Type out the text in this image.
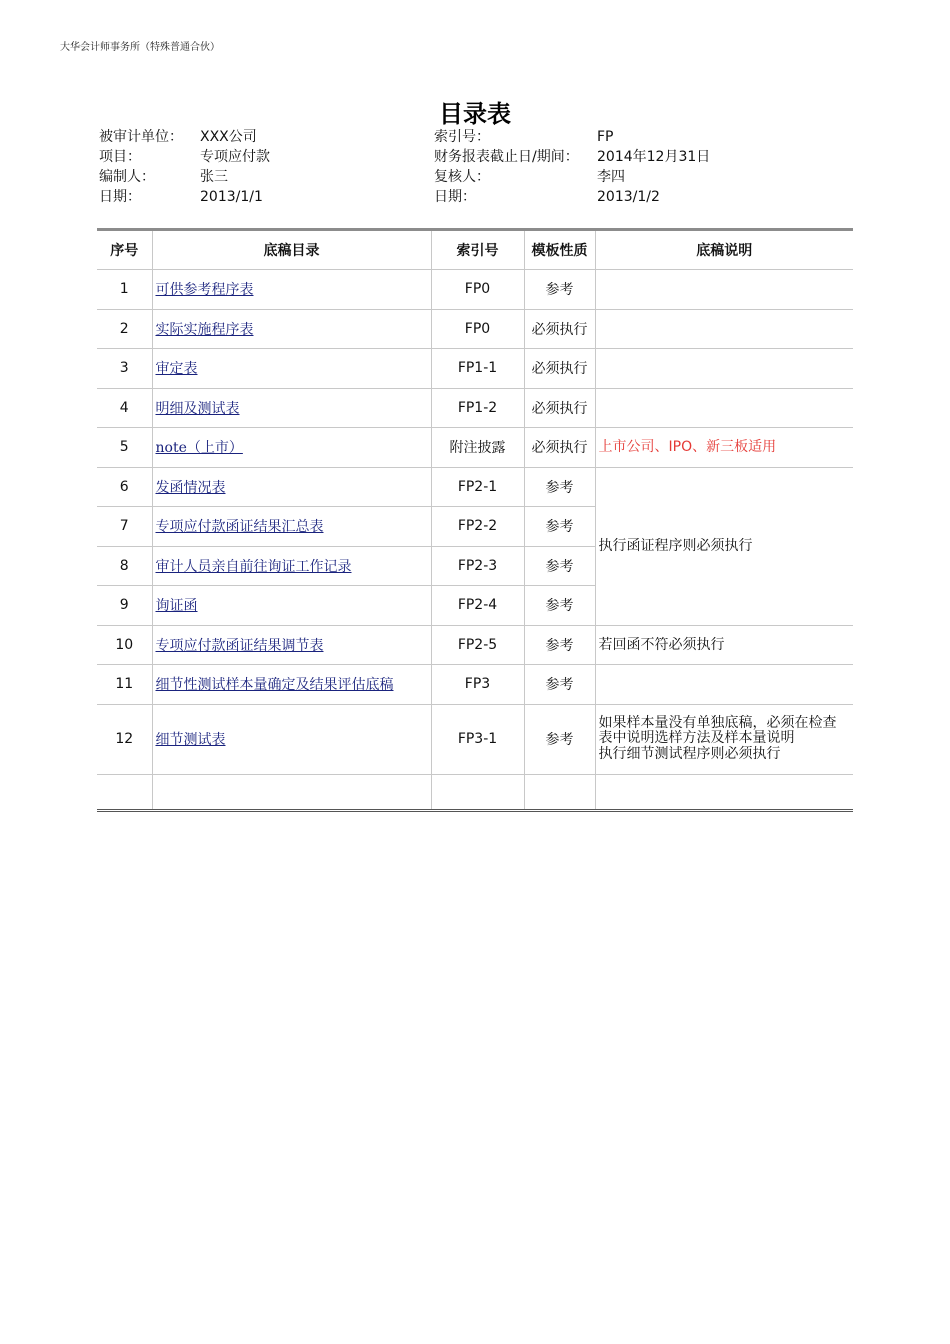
大华会计师事务所（特殊普通合伙）
目录表
被审计单位： XXX公司	索引号：	FP
项目：	专项应付款	财务报表截止日/期间： 2014年12月31日
编制人：	张三	复核人：	李四
日期：	2013/1/1	日期：	2013/1/2
序号	底稿目录	索引号	模板性质	底稿说明
1	可供参考程序表	FP0	参考	
2	实际实施程序表	FP0	必须执行	
3	审定表	FP1-1	必须执行	
4	明细及测试表	FP1-2	必须执行	
5	note（上市）	附注披露	必须执行	上市公司、IPO、新三板适用
6	发函情况表	FP2-1	参考	执行函证程序则必须执行
7	专项应付款函证结果汇总表	FP2-2	参考	
8	审计人员亲自前往询证工作记录	FP2-3	参考	
9	询证函	FP2-4	参考	
10	专项应付款函证结果调节表	FP2-5	参考	若回函不符必须执行
11	细节性测试样本量确定及结果评估底稿	FP3	参考	
12	细节测试表	FP3-1	参考	如果样本量没有单独底稿，必须在检查表中说明选样方法及样本量说明
执行细节测试程序则必须执行
